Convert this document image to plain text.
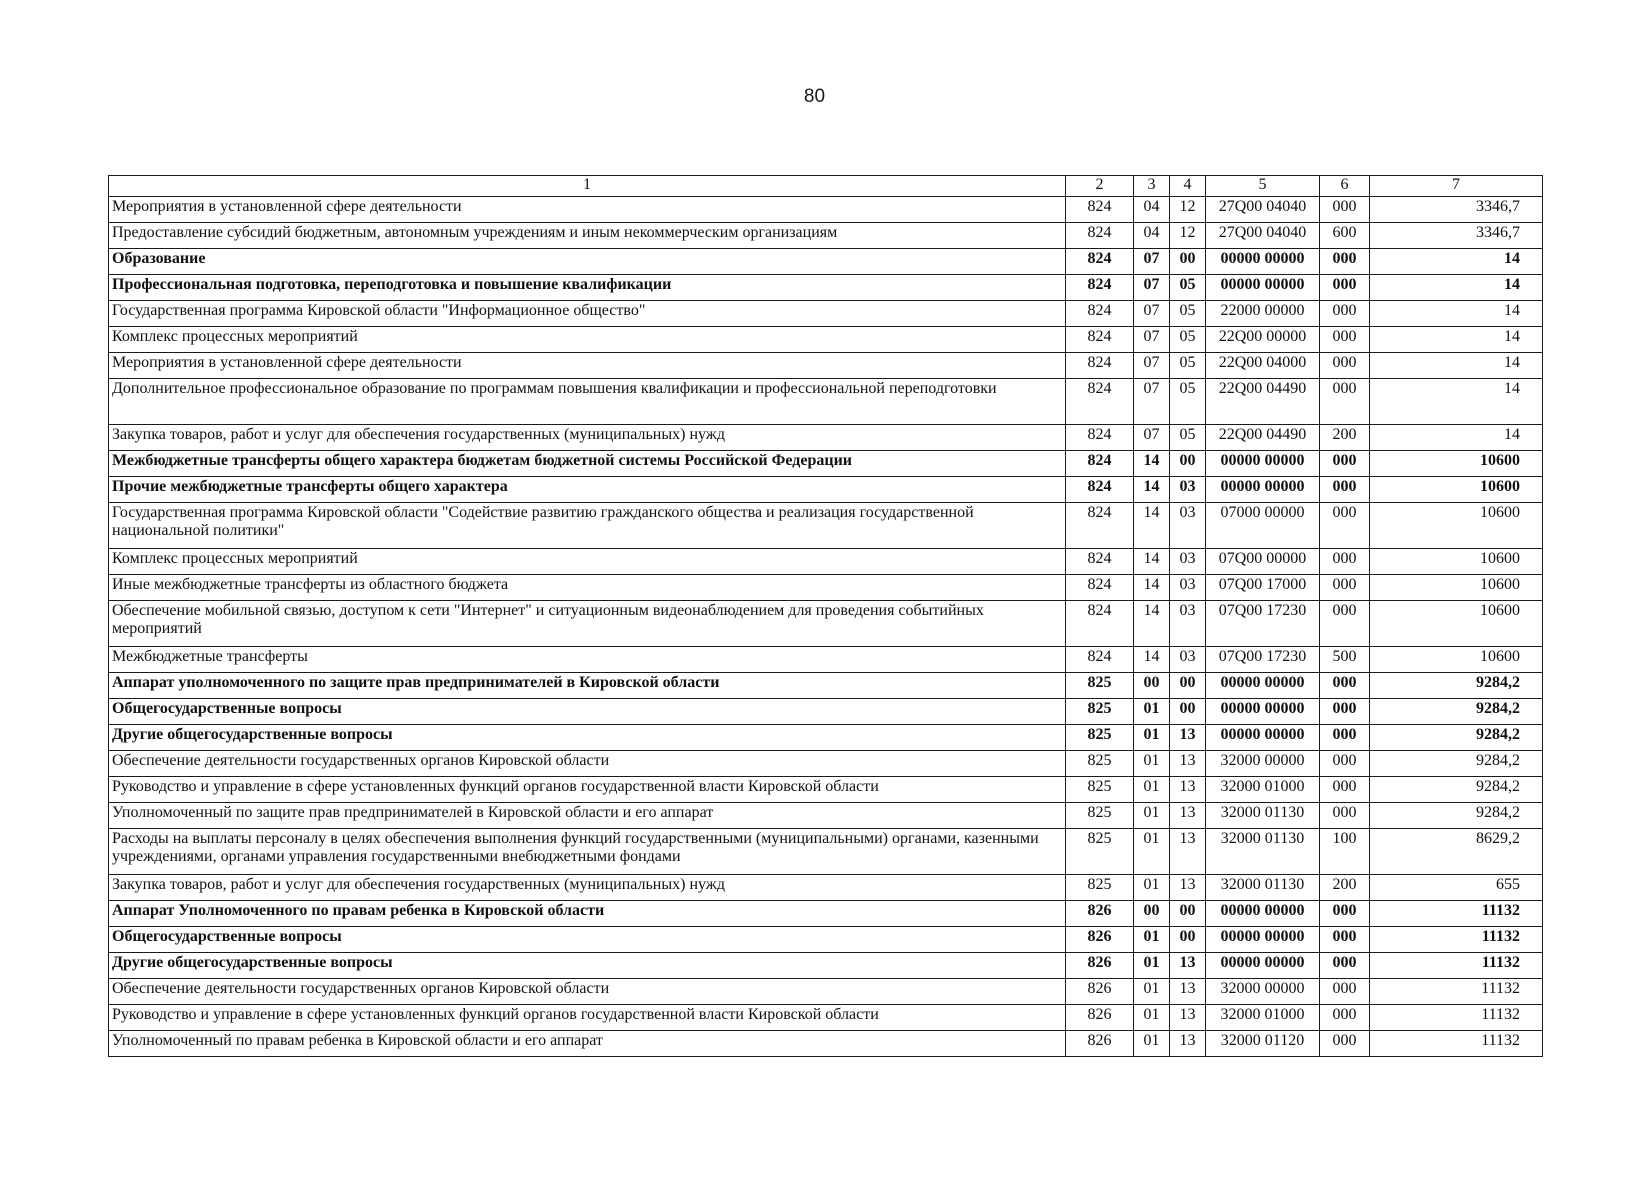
80
1	2	3	4	5	6	7
Мероприятия в установленной сфере деятельности	824	04	12	27Q00 04040	000	3346,7
Предоставление субсидий бюджетным, автономным учреждениям и иным некоммерческим организациям	824	04	12	27Q00 04040	600	3346,7
Образование	824	07	00	00000 00000	000	14
Профессиональная подготовка, переподготовка и повышение квалификации	824	07	05	00000 00000	000	14
Государственная программа Кировской области "Информационное общество"	824	07	05	22000 00000	000	14
Комплекс процессных мероприятий	824	07	05	22Q00 00000	000	14
Мероприятия в установленной сфере деятельности	824	07	05	22Q00 04000	000	14
Дополнительное профессиональное образование по программам повышения квалификации и профессиональной переподготовки	824	07	05	22Q00 04490	000	14
Закупка товаров, работ и услуг для обеспечения государственных (муниципальных) нужд	824	07	05	22Q00 04490	200	14
Межбюджетные трансферты общего характера бюджетам бюджетной системы Российской Федерации	824	14	00	00000 00000	000	10600
Прочие межбюджетные трансферты общего характера	824	14	03	00000 00000	000	10600
Государственная программа Кировской области "Содействие развитию гражданского общества и реализация государственной национальной политики"	824	14	03	07000 00000	000	10600
Комплекс процессных мероприятий	824	14	03	07Q00 00000	000	10600
Иные межбюджетные трансферты из областного бюджета	824	14	03	07Q00 17000	000	10600
Обеспечение мобильной связью, доступом к сети "Интернет" и ситуационным видеонаблюдением для проведения событийных мероприятий	824	14	03	07Q00 17230	000	10600
Межбюджетные трансферты	824	14	03	07Q00 17230	500	10600
Аппарат уполномоченного по защите прав предпринимателей в Кировской области	825	00	00	00000 00000	000	9284,2
Общегосударственные вопросы	825	01	00	00000 00000	000	9284,2
Другие общегосударственные вопросы	825	01	13	00000 00000	000	9284,2
Обеспечение деятельности государственных органов Кировской области	825	01	13	32000 00000	000	9284,2
Руководство и управление в сфере установленных функций органов государственной власти Кировской области	825	01	13	32000 01000	000	9284,2
Уполномоченный по защите прав предпринимателей в Кировской области и его аппарат	825	01	13	32000 01130	000	9284,2
Расходы на выплаты персоналу в целях обеспечения выполнения функций государственными (муниципальными) органами, казенными учреждениями, органами управления государственными внебюджетными фондами	825	01	13	32000 01130	100	8629,2
Закупка товаров, работ и услуг для обеспечения государственных (муниципальных) нужд	825	01	13	32000 01130	200	655
Аппарат Уполномоченного по правам ребенка в Кировской области	826	00	00	00000 00000	000	11132
Общегосударственные вопросы	826	01	00	00000 00000	000	11132
Другие общегосударственные вопросы	826	01	13	00000 00000	000	11132
Обеспечение деятельности государственных органов Кировской области	826	01	13	32000 00000	000	11132
Руководство и управление в сфере установленных функций органов государственной власти Кировской области	826	01	13	32000 01000	000	11132
Уполномоченный по правам ребенка в Кировской области и его аппарат	826	01	13	32000 01120	000	11132
